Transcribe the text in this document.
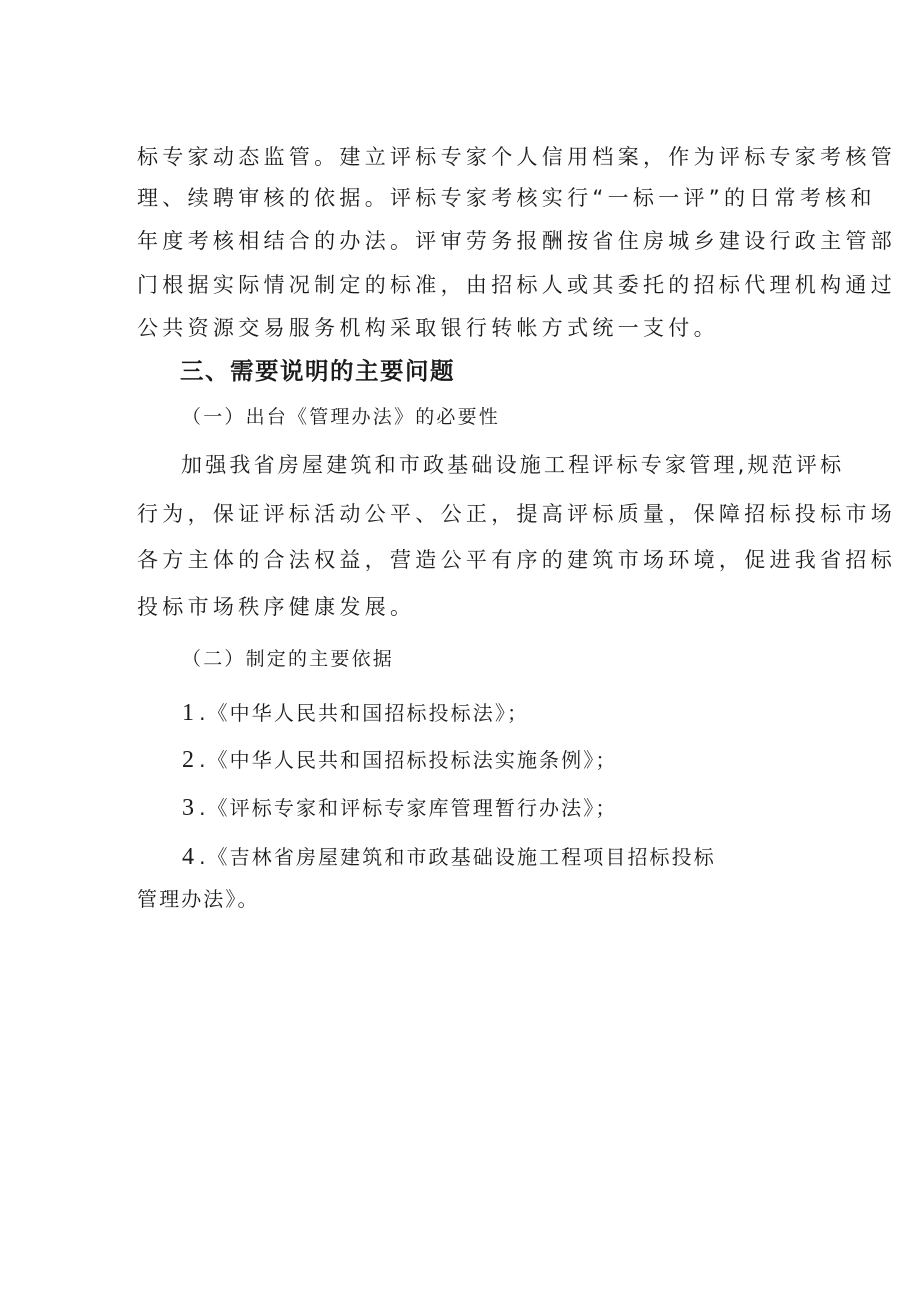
标专家动态监管。建立评标专家个人信用档案，作为评标专家考核管
理、续聘审核的依据。评标专家考核实行“一标一评”的日常考核和
年度考核相结合的办法。评审劳务报酬按省住房城乡建设行政主管部
门根据实际情况制定的标准，由招标人或其委托的招标代理机构通过
公共资源交易服务机构采取银行转帐方式统一支付。
三、需要说明的主要问题
（一）出台《管理办法》的必要性
加强我省房屋建筑和市政基础设施工程评标专家管理,规范评标
行为，保证评标活动公平、公正，提高评标质量，保障招标投标市场
各方主体的合法权益，营造公平有序的建筑市场环境，促进我省招标
投标市场秩序健康发展。
（二）制定的主要依据
1 .《中华人民共和国招标投标法》；
2 .《中华人民共和国招标投标法实施条例》；
3 .《评标专家和评标专家库管理暂行办法》；
4 .《吉林省房屋建筑和市政基础设施工程项目招标投标
管理办法》。
